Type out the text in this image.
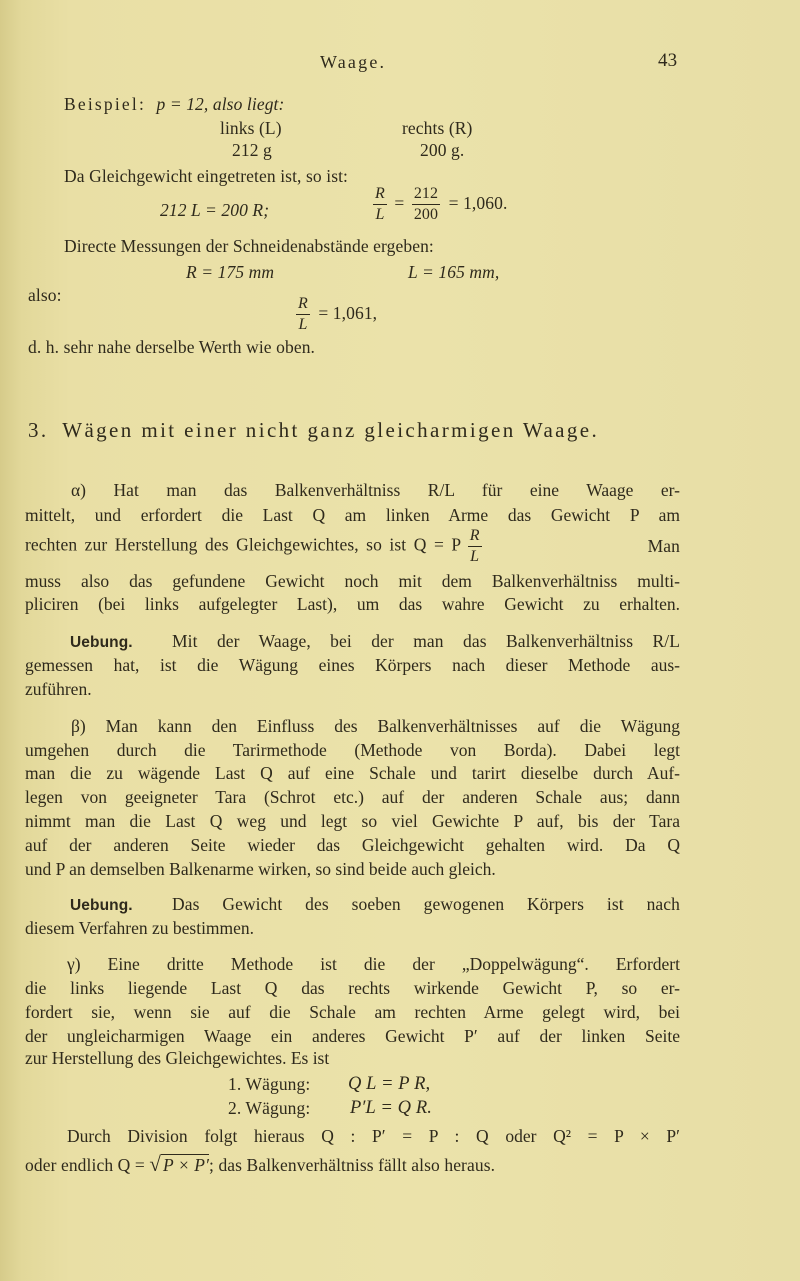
Waage.	43
Beispiel: p = 12, also liegt:
links (L)	rechts (R)
212 g	200 g.
Da Gleichgewicht eingetreten ist, so ist:
212 L = 200 R;	$\frac{R}{L} = \frac{212}{200} = 1,060$.
Directe Messungen der Schneidenabstände ergeben:
R = 175 mm	L = 165 mm,
also:
$\frac{R}{L} = 1,061$,
d. h. sehr nahe derselbe Werth wie oben.
3. Wägen mit einer nicht ganz gleicharmigen Waage.
α) Hat man das Balkenverhältniss R/L für eine Waage er-
mittelt, und erfordert die Last Q am linken Arme das Gewicht P am
rechten zur Herstellung des Gleichgewichtes, so ist Q = P $\frac{R}{L}$	Man
muss also das gefundene Gewicht noch mit dem Balkenverhältniss multi-
pliciren (bei links aufgelegter Last), um das wahre Gewicht zu erhalten.
Uebung. Mit der Waage, bei der man das Balkenverhältniss R/L
gemessen hat, ist die Wägung eines Körpers nach dieser Methode aus-
zuführen.
β) Man kann den Einfluss des Balkenverhältnisses auf die Wägung
umgehen durch die Tarirmethode (Methode von Borda). Dabei legt
man die zu wägende Last Q auf eine Schale und tarirt dieselbe durch Auf-
legen von geeigneter Tara (Schrot etc.) auf der anderen Schale aus; dann
nimmt man die Last Q weg und legt so viel Gewichte P auf, bis der Tara
auf der anderen Seite wieder das Gleichgewicht gehalten wird. Da Q
und P an demselben Balkenarme wirken, so sind beide auch gleich.
Uebung. Das Gewicht des soeben gewogenen Körpers ist nach
diesem Verfahren zu bestimmen.
γ) Eine dritte Methode ist die der „Doppelwägung“. Erfordert
die links liegende Last Q das rechts wirkende Gewicht P, so er-
fordert sie, wenn sie auf die Schale am rechten Arme gelegt wird, bei
der ungleicharmigen Waage ein anderes Gewicht P′ auf der linken Seite
zur Herstellung des Gleichgewichtes. Es ist
1. Wägung: Q L = P R,
2. Wägung: P′L = Q R.
Durch Division folgt hieraus Q : P′ = P : Q oder Q² = P × P′
oder endlich Q = √ P × P′; das Balkenverhältniss fällt also heraus.
